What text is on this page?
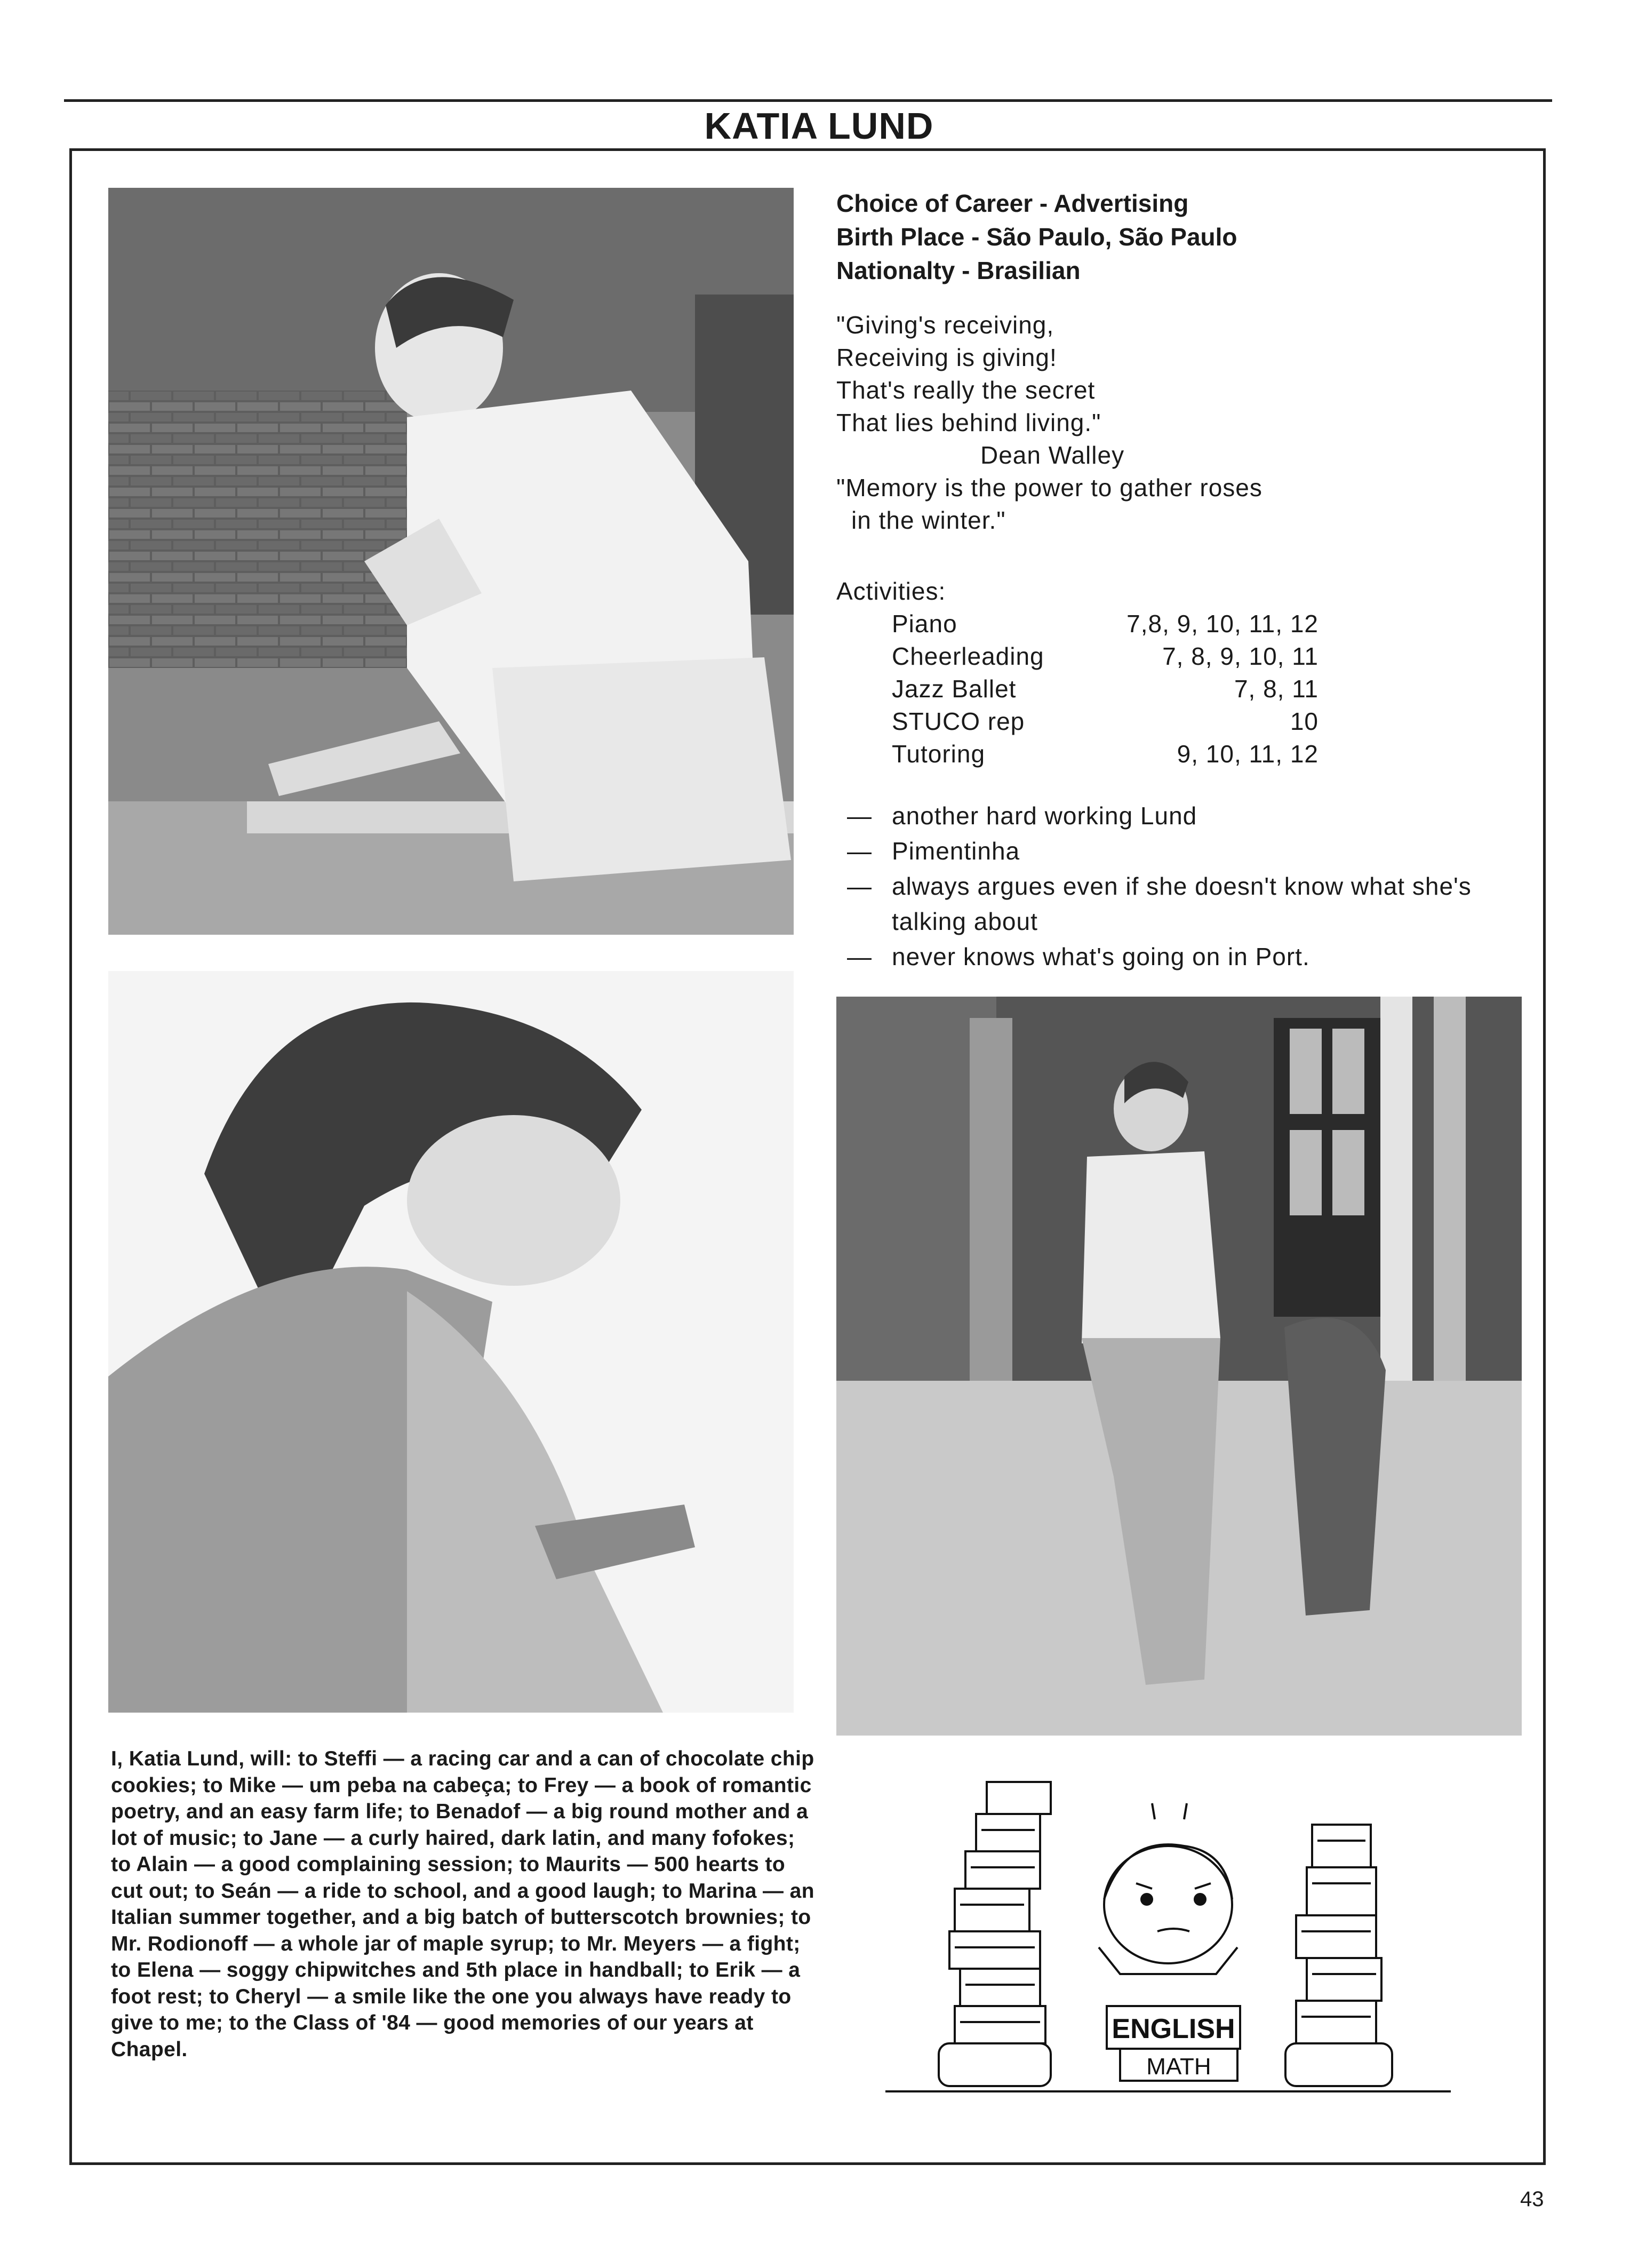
KATIA LUND
Choice of Career - Advertising
Birth Place - São Paulo, São Paulo
Nationalty - Brasilian
"Giving's receiving,
Receiving is giving!
That's really the secret
That lies behind living."
Dean Walley
"Memory is the power to gather roses
in the winter."
Activities:
Piano	7,8, 9, 10, 11, 12
Cheerleading	7, 8, 9, 10, 11
Jazz Ballet	7, 8, 11
STUCO rep	10
Tutoring	9, 10, 11, 12
— another hard working Lund
— Pimentinha
— always argues even if she doesn't know what she's talking about
— never knows what's going on in Port.
I, Katia Lund, will: to Steffi — a racing car and a can of chocolate chip cookies; to Mike — um peba na cabeça; to Frey — a book of romantic poetry, and an easy farm life; to Benadof — a big round mother and a lot of music; to Jane — a curly haired, dark latin, and many fofokes; to Alain — a good complaining session; to Maurits — 500 hearts to cut out; to Seán — a ride to school, and a good laugh; to Marina — an Italian summer together, and a big batch of butterscotch brownies; to Mr. Rodionoff — a whole jar of maple syrup; to Mr. Meyers — a fight; to Elena — soggy chipwitches and 5th place in handball; to Erik — a foot rest; to Cheryl — a smile like the one you always have ready to give to me; to the Class of '84 — good memories of our years at Chapel.
ENGLISH
MATH
43
